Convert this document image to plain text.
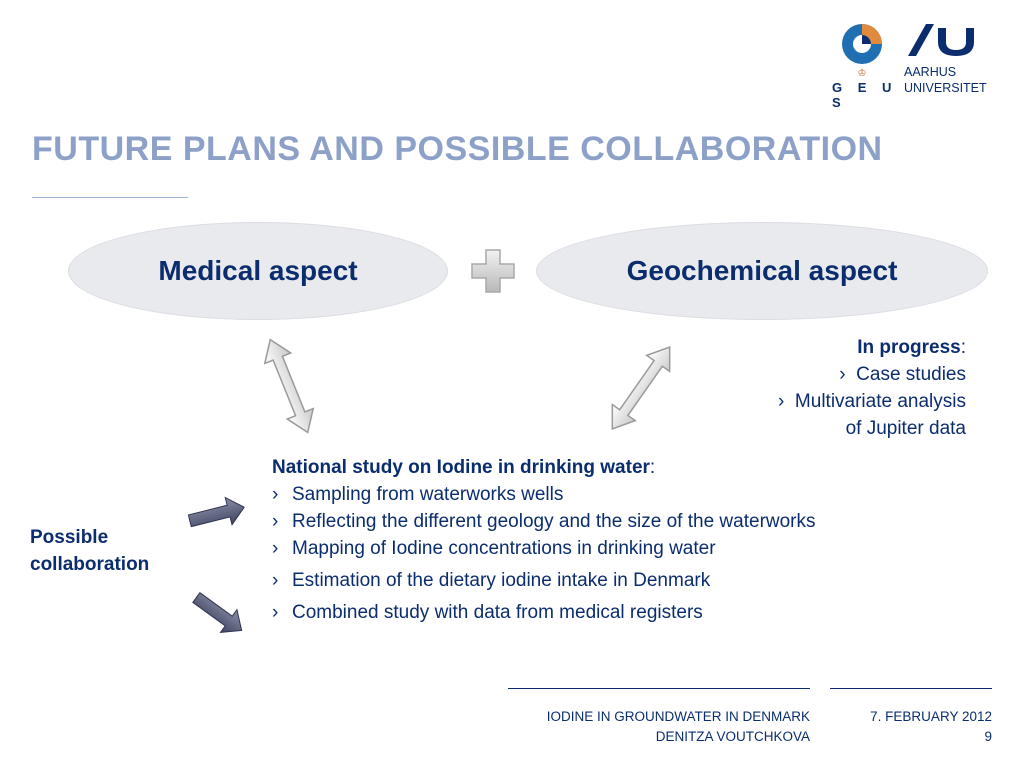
♔
G E U S
AARHUS
UNIVERSITET
FUTURE PLANS AND POSSIBLE COLLABORATION
Medical aspect	Geochemical aspect
In progress:
› Case studies
› Multivariate analysis
of Jupiter data
National study on Iodine in drinking water:
› Sampling from waterworks wells
› Reflecting the different geology and the size of the waterworks
› Mapping of Iodine concentrations in drinking water
› Estimation of the dietary iodine intake in Denmark
› Combined study with data from medical registers
Possible
collaboration
IODINE IN GROUNDWATER IN DENMARK
DENITZA VOUTCHKOVA
7. FEBRUARY 2012
9
